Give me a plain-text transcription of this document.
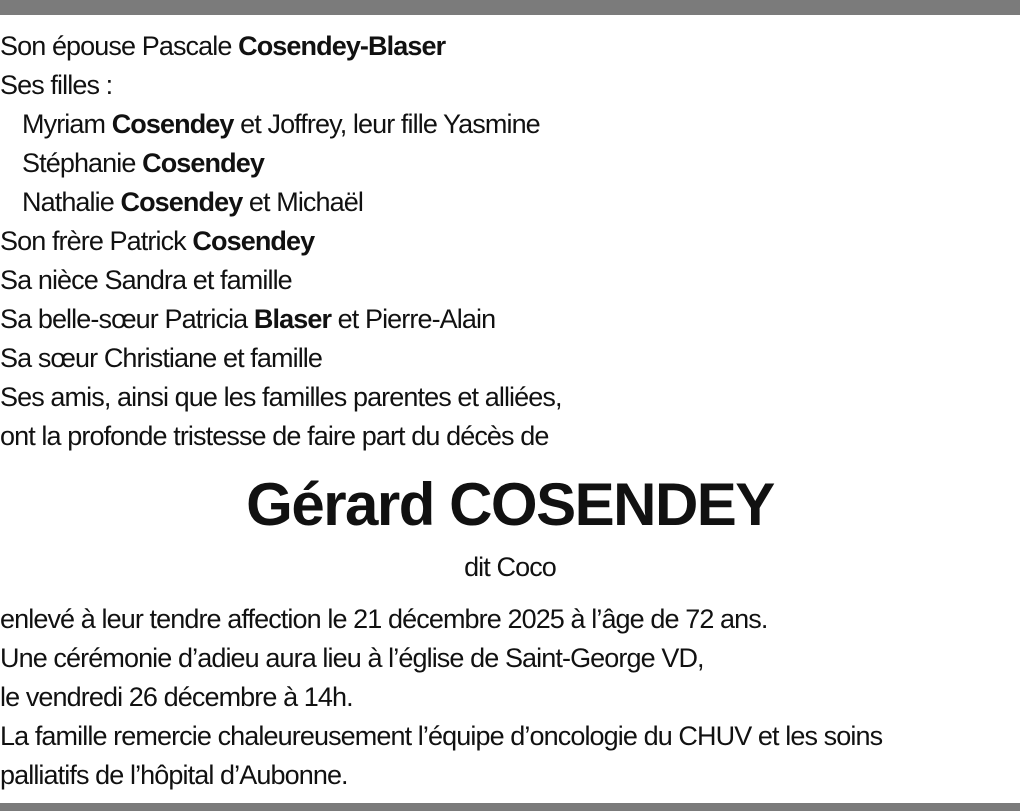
Son épouse Pascale Cosendey-Blaser
Ses filles :
Myriam Cosendey et Joffrey, leur fille Yasmine
Stéphanie Cosendey
Nathalie Cosendey et Michaël
Son frère Patrick Cosendey
Sa nièce Sandra et famille
Sa belle-sœur Patricia Blaser et Pierre-Alain
Sa sœur Christiane et famille
Ses amis, ainsi que les familles parentes et alliées,
ont la profonde tristesse de faire part du décès de
Gérard COSENDEY
dit Coco
enlevé à leur tendre affection le 21 décembre 2025 à l’âge de 72 ans.
Une cérémonie d’adieu aura lieu à l’église de Saint-George VD,
le vendredi 26 décembre à 14h.
La famille remercie chaleureusement l’équipe d’oncologie du CHUV et les soins
palliatifs de l’hôpital d’Aubonne.
